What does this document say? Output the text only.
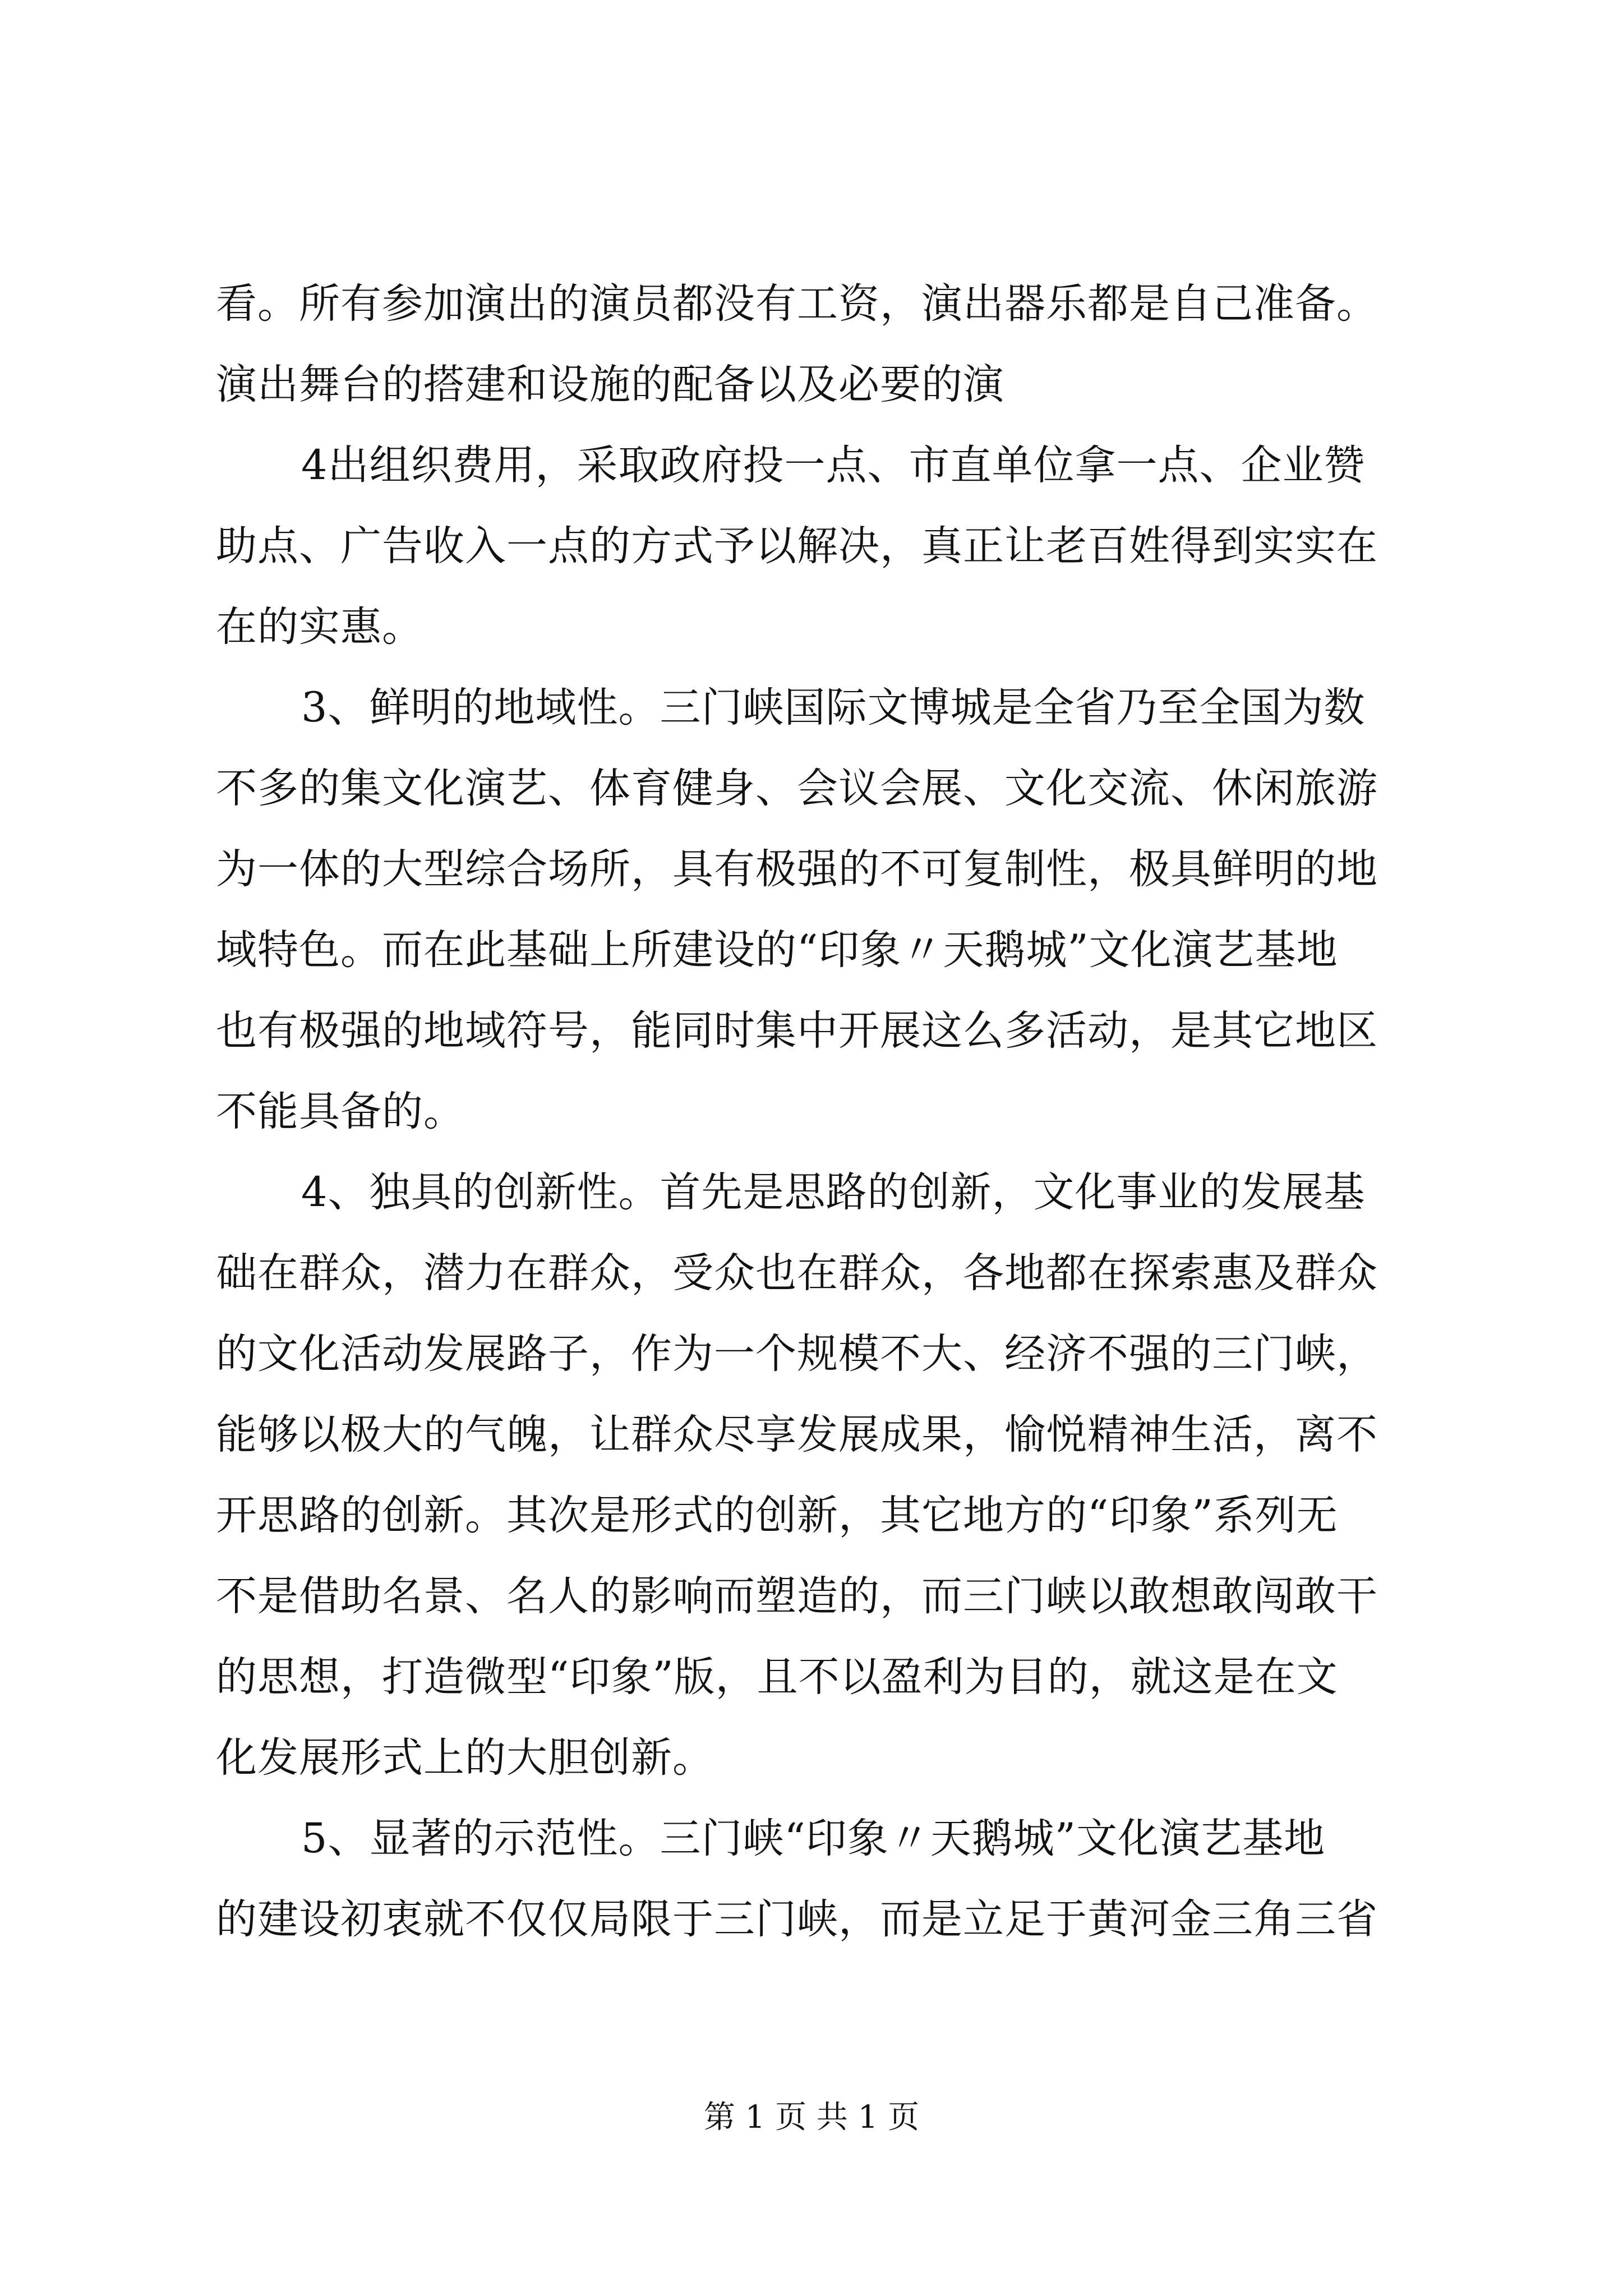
看。所有参加演出的演员都没有工资，演出器乐都是自己准备。
演出舞台的搭建和设施的配备以及必要的演

4出组织费用，采取政府投一点、市直单位拿一点、企业赞
助点、广告收入一点的方式予以解决，真正让老百姓得到实实在
在的实惠。

3、鲜明的地域性。三门峡国际文博城是全省乃至全国为数
不多的集文化演艺、体育健身、会议会展、文化交流、休闲旅游
为一体的大型综合场所，具有极强的不可复制性，极具鲜明的地
域特色。而在此基础上所建设的“印象〃天鹅城”文化演艺基地
也有极强的地域符号，能同时集中开展这么多活动，是其它地区
不能具备的。

4、独具的创新性。首先是思路的创新，文化事业的发展基
础在群众，潜力在群众，受众也在群众，各地都在探索惠及群众
的文化活动发展路子，作为一个规模不大、经济不强的三门峡，
能够以极大的气魄，让群众尽享发展成果，愉悦精神生活，离不
开思路的创新。其次是形式的创新，其它地方的“印象”系列无
不是借助名景、名人的影响而塑造的，而三门峡以敢想敢闯敢干
的思想，打造微型“印象”版，且不以盈利为目的，就这是在文
化发展形式上的大胆创新。

5、显著的示范性。三门峡“印象〃天鹅城”文化演艺基地
的建设初衷就不仅仅局限于三门峡，而是立足于黄河金三角三省

第 1 页 共 1 页
